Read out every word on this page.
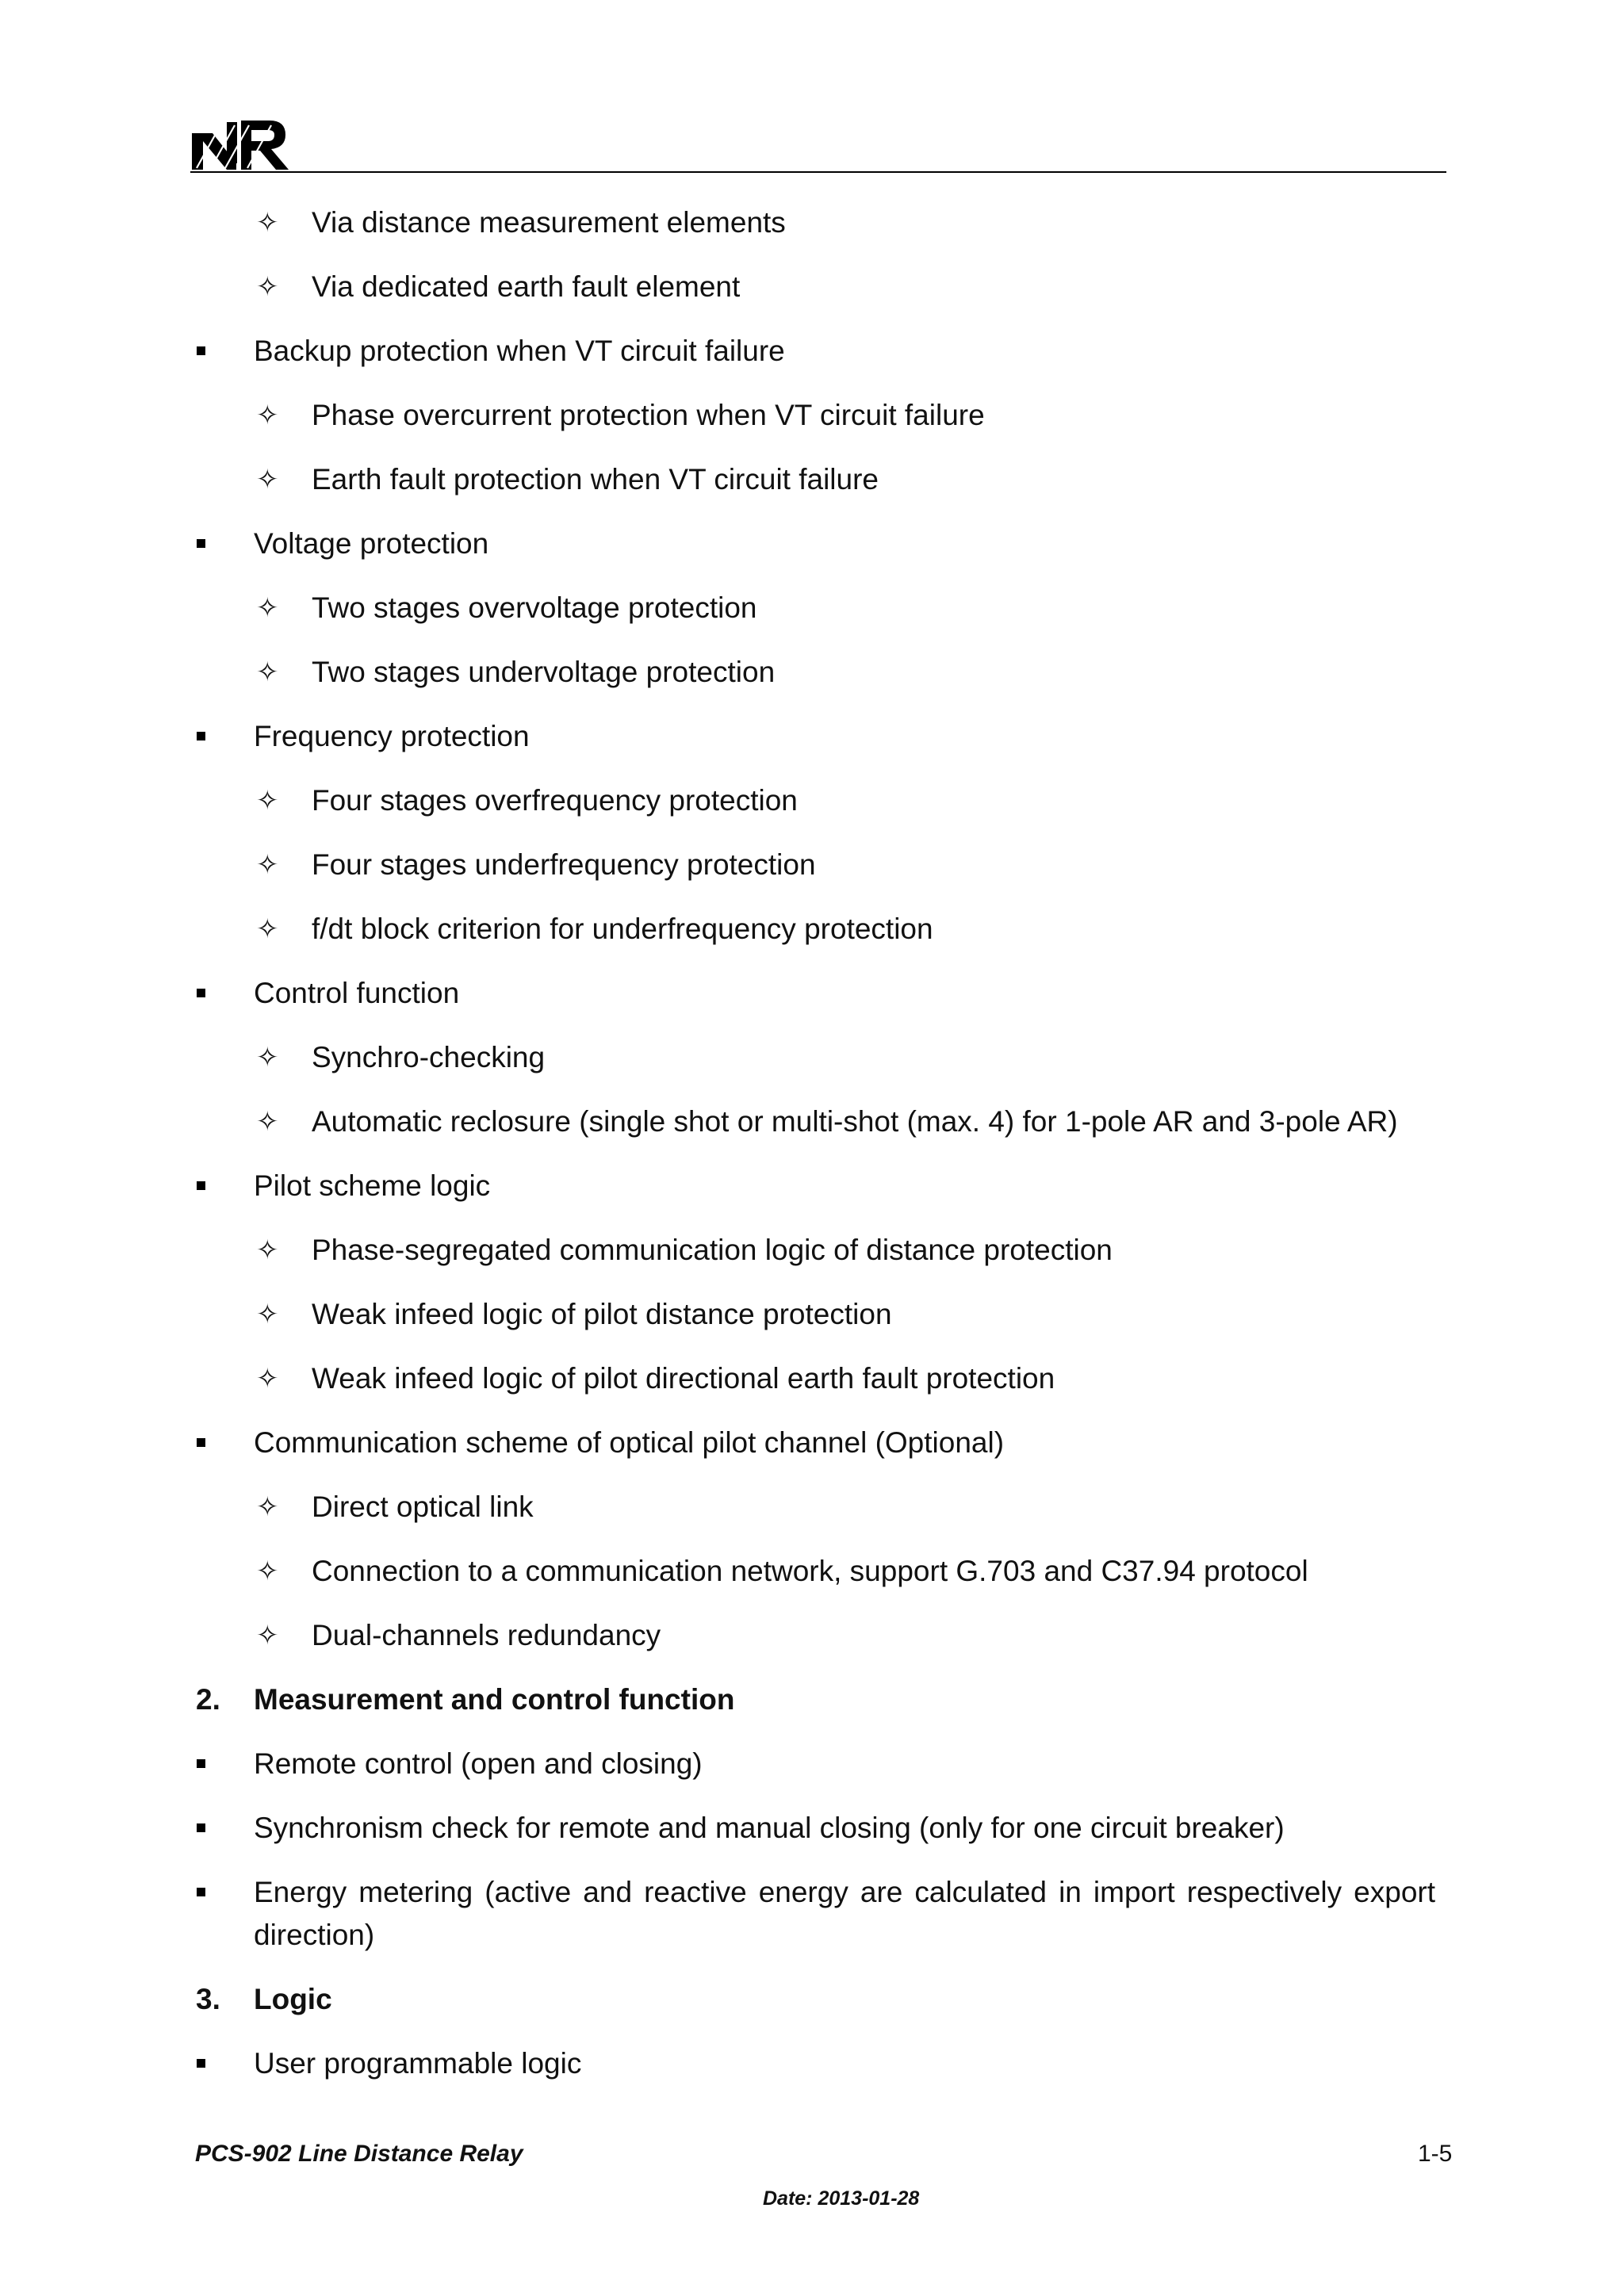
✧ Via distance measurement elements
✧ Via dedicated earth fault element
Backup protection when VT circuit failure
✧ Phase overcurrent protection when VT circuit failure
✧ Earth fault protection when VT circuit failure
Voltage protection
✧ Two stages overvoltage protection
✧ Two stages undervoltage protection
Frequency protection
✧ Four stages overfrequency protection
✧ Four stages underfrequency protection
✧ f/dt block criterion for underfrequency protection
Control function
✧ Synchro-checking
✧ Automatic reclosure (single shot or multi-shot (max. 4) for 1-pole AR and 3-pole AR)
Pilot scheme logic
✧ Phase-segregated communication logic of distance protection
✧ Weak infeed logic of pilot distance protection
✧ Weak infeed logic of pilot directional earth fault protection
Communication scheme of optical pilot channel (Optional)
✧ Direct optical link
✧ Connection to a communication network, support G.703 and C37.94 protocol
✧ Dual-channels redundancy
2. Measurement and control function
Remote control (open and closing)
Synchronism check for remote and manual closing (only for one circuit breaker)
Energy metering (active and reactive energy are calculated in import respectively export direction)
3. Logic
User programmable logic
PCS-902 Line Distance Relay	1-5
Date: 2013-01-28
